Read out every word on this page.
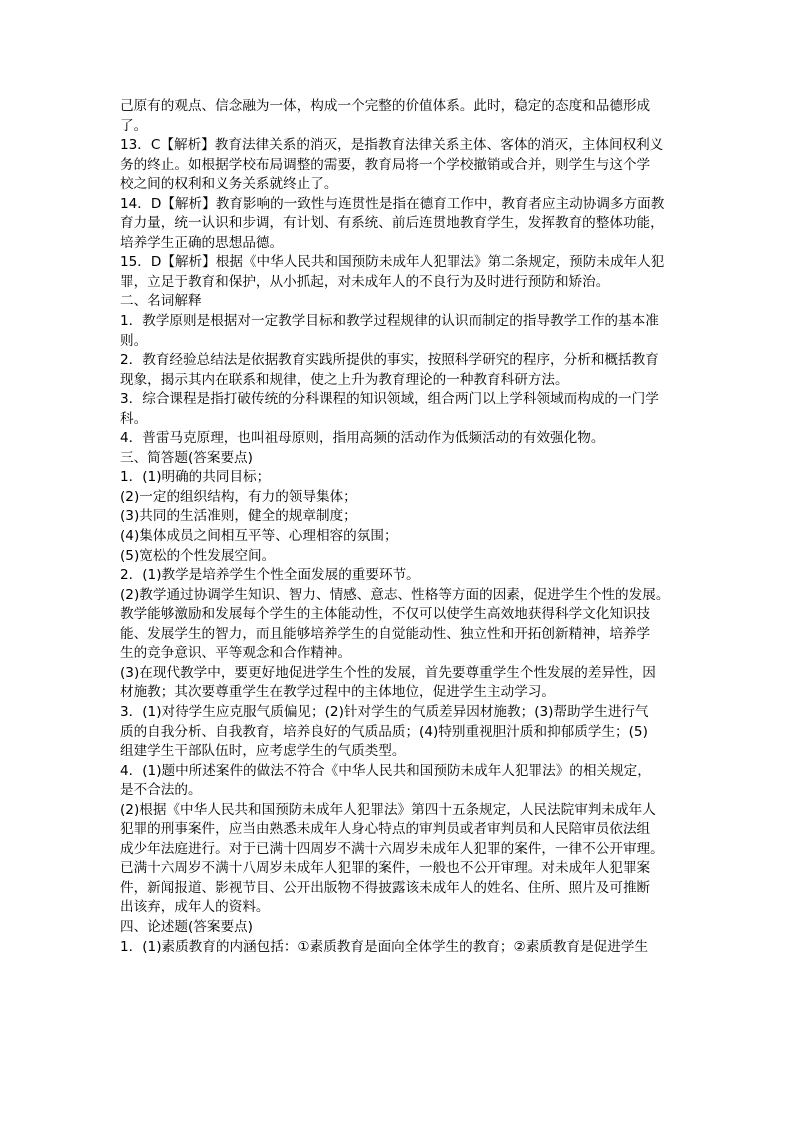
己原有的观点、信念融为一体，构成一个完整的价值体系。此时，稳定的态度和品德形成
了。
13．C【解析】教育法律关系的消灭，是指教育法律关系主体、客体的消灭，主体间权利义
务的终止。如根据学校布局调整的需要，教育局将一个学校撤销或合并，则学生与这个学
校之间的权利和义务关系就终止了。
14．D【解析】教育影响的一致性与连贯性是指在德育工作中，教育者应主动协调多方面教
育力量，统一认识和步调，有计划、有系统、前后连贯地教育学生，发挥教育的整体功能，
培养学生正确的思想品德。
15．D【解析】根据《中华人民共和国预防未成年人犯罪法》第二条规定，预防未成年人犯
罪，立足于教育和保护，从小抓起，对未成年人的不良行为及时进行预防和矫治。
二、名词解释
1．教学原则是根据对一定教学目标和教学过程规律的认识而制定的指导教学工作的基本准
则。
2．教育经验总结法是依据教育实践所提供的事实，按照科学研究的程序，分析和概括教育
现象，揭示其内在联系和规律，使之上升为教育理论的一种教育科研方法。
3．综合课程是指打破传统的分科课程的知识领域，组合两门以上学科领域而构成的一门学
科。
4．普雷马克原理，也叫祖母原则，指用高频的活动作为低频活动的有效强化物。
三、简答题(答案要点)
1．(1)明确的共同目标；
(2)一定的组织结构，有力的领导集体；
(3)共同的生活准则，健全的规章制度；
(4)集体成员之间相互平等、心理相容的氛围；
(5)宽松的个性发展空间。
2．(1)教学是培养学生个性全面发展的重要环节。
(2)教学通过协调学生知识、智力、情感、意志、性格等方面的因素，促进学生个性的发展。
教学能够激励和发展每个学生的主体能动性，不仅可以使学生高效地获得科学文化知识技
能、发展学生的智力，而且能够培养学生的自觉能动性、独立性和开拓创新精神，培养学
生的竞争意识、平等观念和合作精神。
(3)在现代教学中，要更好地促进学生个性的发展，首先要尊重学生个性发展的差异性，因
材施教；其次要尊重学生在教学过程中的主体地位，促进学生主动学习。
3．(1)对待学生应克服气质偏见；(2)针对学生的气质差异因材施教；(3)帮助学生进行气
质的自我分析、自我教育，培养良好的气质品质；(4)特别重视胆汁质和抑郁质学生；(5)
组建学生干部队伍时，应考虑学生的气质类型。
4．(1)题中所述案件的做法不符合《中华人民共和国预防未成年人犯罪法》的相关规定，
是不合法的。
(2)根据《中华人民共和国预防未成年人犯罪法》第四十五条规定，人民法院审判未成年人
犯罪的刑事案件，应当由熟悉未成年人身心特点的审判员或者审判员和人民陪审员依法组
成少年法庭进行。对于已满十四周岁不满十六周岁未成年人犯罪的案件，一律不公开审理。
已满十六周岁不满十八周岁未成年人犯罪的案件，一般也不公开审理。对未成年人犯罪案
件，新闻报道、影视节目、公开出版物不得披露该未成年人的姓名、住所、照片及可推断
出该弃，成年人的资料。
四、论述题(答案要点)
1．(1)素质教育的内涵包括：①素质教育是面向全体学生的教育；②素质教育是促进学生
